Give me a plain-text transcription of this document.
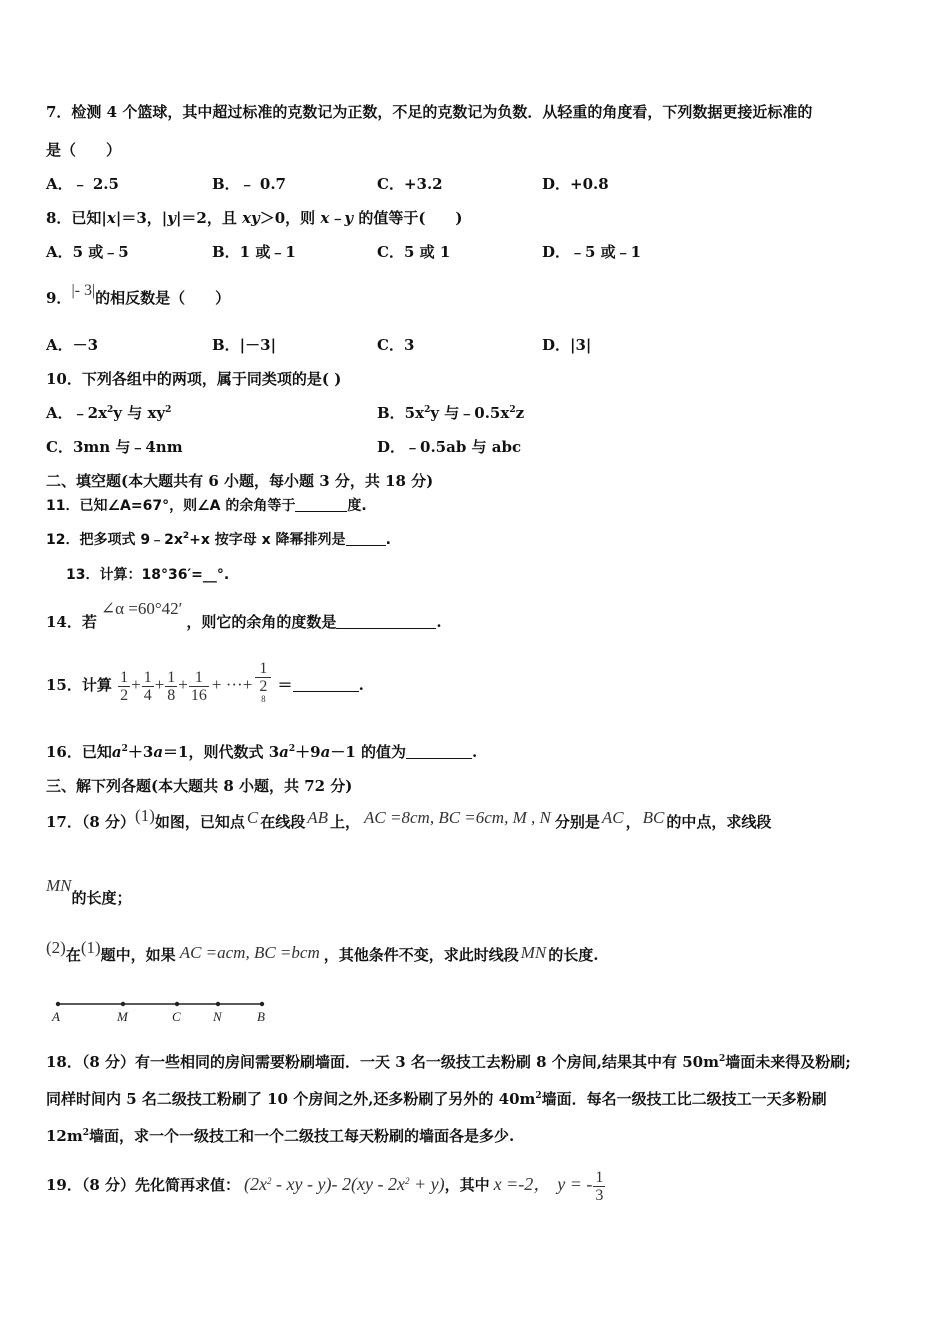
7．检测 4 个篮球，其中超过标准的克数记为正数，不足的克数记为负数．从轻重的角度看，下列数据更接近标准的
是（　　）
A．﹣ 2.5	B．﹣ 0.7	C．+3.2	D．+0.8
8．已知|x|＝3，|y|＝2，且 xy＞0，则 x﹣y 的值等于(　　)
A．5 或﹣5	B．1 或﹣1	C．5 或 1	D．﹣5 或﹣1
9．|- 3|的相反数是（　　）
A．－3	B．|－3|	C．3	D．|3|
10．下列各组中的两项，属于同类项的是( )
A．$﹣2x^2y$ 与 $xy^2$	B．$5x^2y$ 与$﹣0.5x^2z$
C．3mn 与﹣4nm	D．﹣0.5ab 与 abc
二、填空题(本大题共有 6 小题，每小题 3 分，共 18 分)
11．已知∠A=67°，则∠A 的余角等于	度.
12．把多项式 $9﹣2x^2+x$ 按字母 x 降幂排列是	.
13．计算：18°36′=__°.
14．若∠α =60°42′，则它的余角的度数是	.
15．计算 $\frac{1}{2} + \frac{1}{4} + \frac{1}{8} + \frac{1}{16}$ + ···+ 1
2
$^8$ ＝	.
16．已知$a^2+3a=1$，则代数式 $3a^2+9a-1$ 的值为	.
三、解下列各题(本大题共 8 小题，共 72 分)
17．（8 分）(1)如图，已知点 C 在线段 AB 上， AC =8cm, BC =6cm, M , N 分别是 AC ， BC 的中点，求线段
MN的长度；
(2)在(1)题中，如果 AC =acm, BC =bcm ，其他条件不变，求此时线段 MN 的长度.
A	M	C N	B
18．（8 分）有一些相同的房间需要粉刷墙面．一天 3 名一级技工去粉刷 8 个房间,结果其中有 $50m^2$墙面未来得及粉刷;
同样时间内 5 名二级技工粉刷了 10 个房间之外,还多粉刷了另外的 $40m^2$墙面．每名一级技工比二级技工一天多粉刷
$12m^2$墙面，求一个一级技工和一个二级技工每天粉刷的墙面各是多少.
19．（8 分）先化简再求值： ($2x^2$ - xy - y)- $2(xy - 2x^2 + y)$，其中 x =-2， y = - $\frac{1}{3}$
